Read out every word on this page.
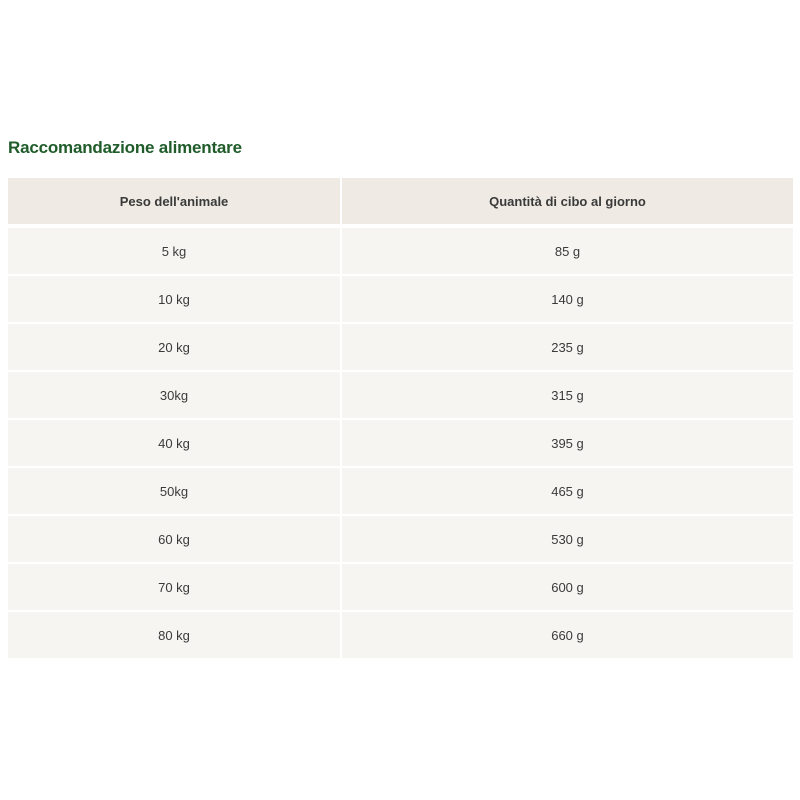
Raccomandazione alimentare
Peso dell'animale	Quantità di cibo al giorno
5 kg	85 g
10 kg	140 g
20 kg	235 g
30kg	315 g
40 kg	395 g
50kg	465 g
60 kg	530 g
70 kg	600 g
80 kg	660 g
